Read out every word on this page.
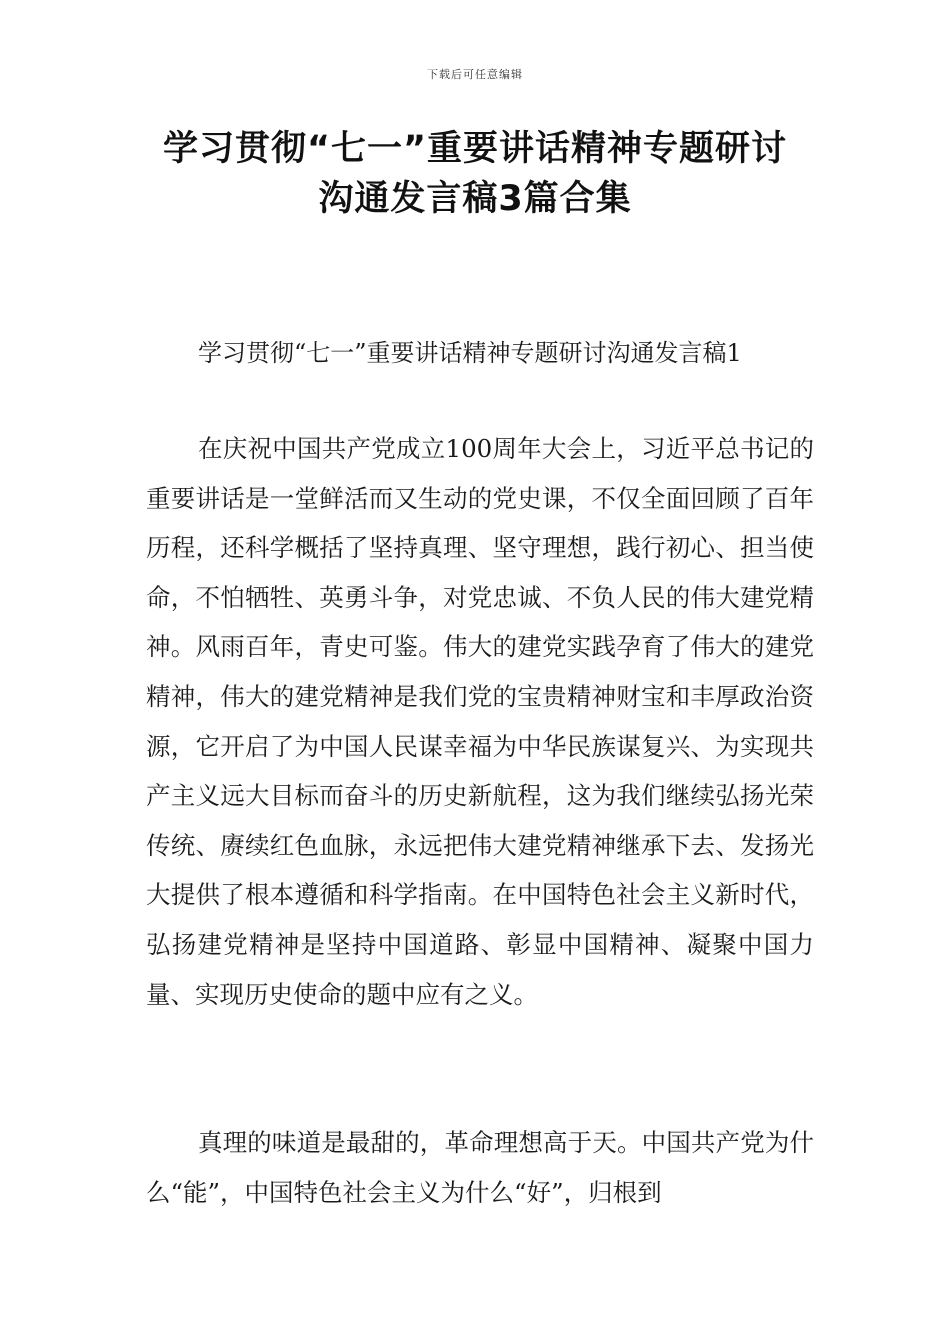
下载后可任意编辑
学习贯彻“七一”重要讲话精神专题研讨
沟通发言稿3篇合集
学习贯彻“七一”重要讲话精神专题研讨沟通发言稿1

在庆祝中国共产党成立100周年大会上，习近平总书记的重要讲话是一堂鲜活而又生动的党史课，不仅全面回顾了百年历程，还科学概括了坚持真理、坚守理想，践行初心、担当使命，不怕牺牲、英勇斗争，对党忠诚、不负人民的伟大建党精神。风雨百年，青史可鉴。伟大的建党实践孕育了伟大的建党精神，伟大的建党精神是我们党的宝贵精神财宝和丰厚政治资源，它开启了为中国人民谋幸福为中华民族谋复兴、为实现共产主义远大目标而奋斗的历史新航程，这为我们继续弘扬光荣传统、赓续红色血脉，永远把伟大建党精神继承下去、发扬光大提供了根本遵循和科学指南。在中国特色社会主义新时代，弘扬建党精神是坚持中国道路、彰显中国精神、凝聚中国力量、实现历史使命的题中应有之义。

真理的味道是最甜的，革命理想高于天。中国共产党为什么“能”，中国特色社会主义为什么“好”，归根到
